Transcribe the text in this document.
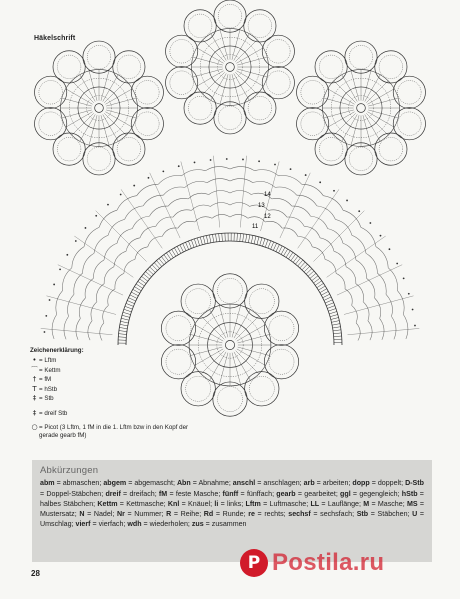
Häkelschrift
14
13
12
11
Zeichenerklärung:
• = Lftm
⌒ = Kettm
† = fM
T = hStb
‡ = Stb
‡ = dreif Stb
○ = Picot (3 Lftm, 1 fM in die 1. Lftm bzw in den Kopf der gerade gearb fM)
Abkürzungen
abm = abmaschen; abgem = abgemascht; Abn = Abnahme; anschl = anschlagen; arb = arbeiten; dopp = doppelt; D-Stb = Doppel-Stäbchen; dreif = dreifach; fM = feste Masche; fünff = fünffach; gearb = gearbeitet; ggl = gegengleich; hStb = halbes Stäbchen; Kettm = Kettmasche; Knl = Knäuel; li = links; Lftm = Luftmasche; LL = Lauflänge; M = Masche; MS = Mustersatz; N = Nadel; Nr = Nummer; R = Reihe; Rd = Runde; re = rechts; sechsf = sechsfach; Stb = Stäbchen; U = Umschlag; vierf = vierfach; wdh = wiederholen; zus = zusammen
28
P Postila.ru
